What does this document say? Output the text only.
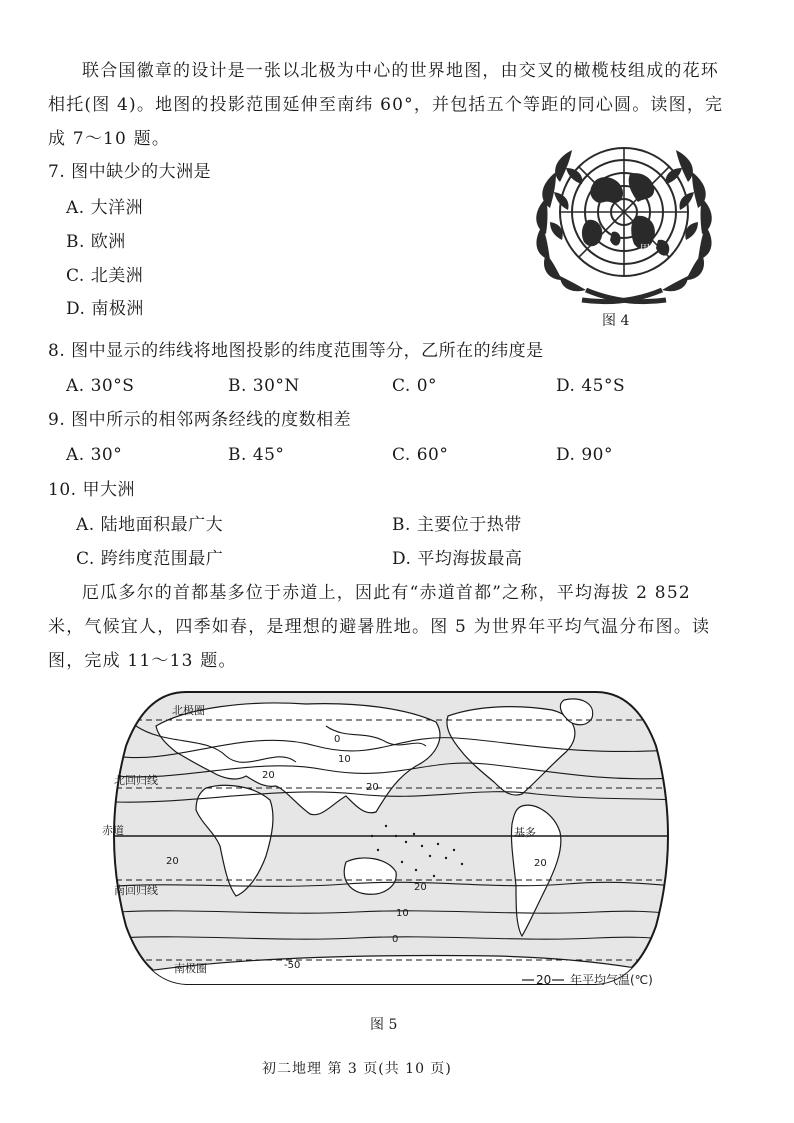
联合国徽章的设计是一张以北极为中心的世界地图，由交叉的橄榄枝组成的花环相托(图 4)。地图的投影范围延伸至南纬 60°，并包括五个等距的同心圆。读图，完成 7～10 题。
7. 图中缺少的大洲是
A. 大洋洲
B. 欧洲
C. 北美洲
D. 南极洲
甲
图 4
8. 图中显示的纬线将地图投影的纬度范围等分，乙所在的纬度是
A. 30°S	B. 30°N	C. 0°	D. 45°S
9. 图中所示的相邻两条经线的度数相差
A. 30°	B. 45°	C. 60°	D. 90°
10. 甲大洲
A. 陆地面积最广大	B. 主要位于热带
C. 跨纬度范围最广	D. 平均海拔最高
厄瓜多尔的首都基多位于赤道上，因此有“赤道首都”之称，平均海拔 2 852 米，气候宜人，四季如春，是理想的避暑胜地。图 5 为世界年平均气温分布图。读图，完成 11～13 题。
北极圈
北回归线
赤道
南回归线
南极圈
基多
0
10
20
20
20
20
10
0
-50
20
20 年平均气温(℃)
图 5
初二地理 第 3 页(共 10 页)
